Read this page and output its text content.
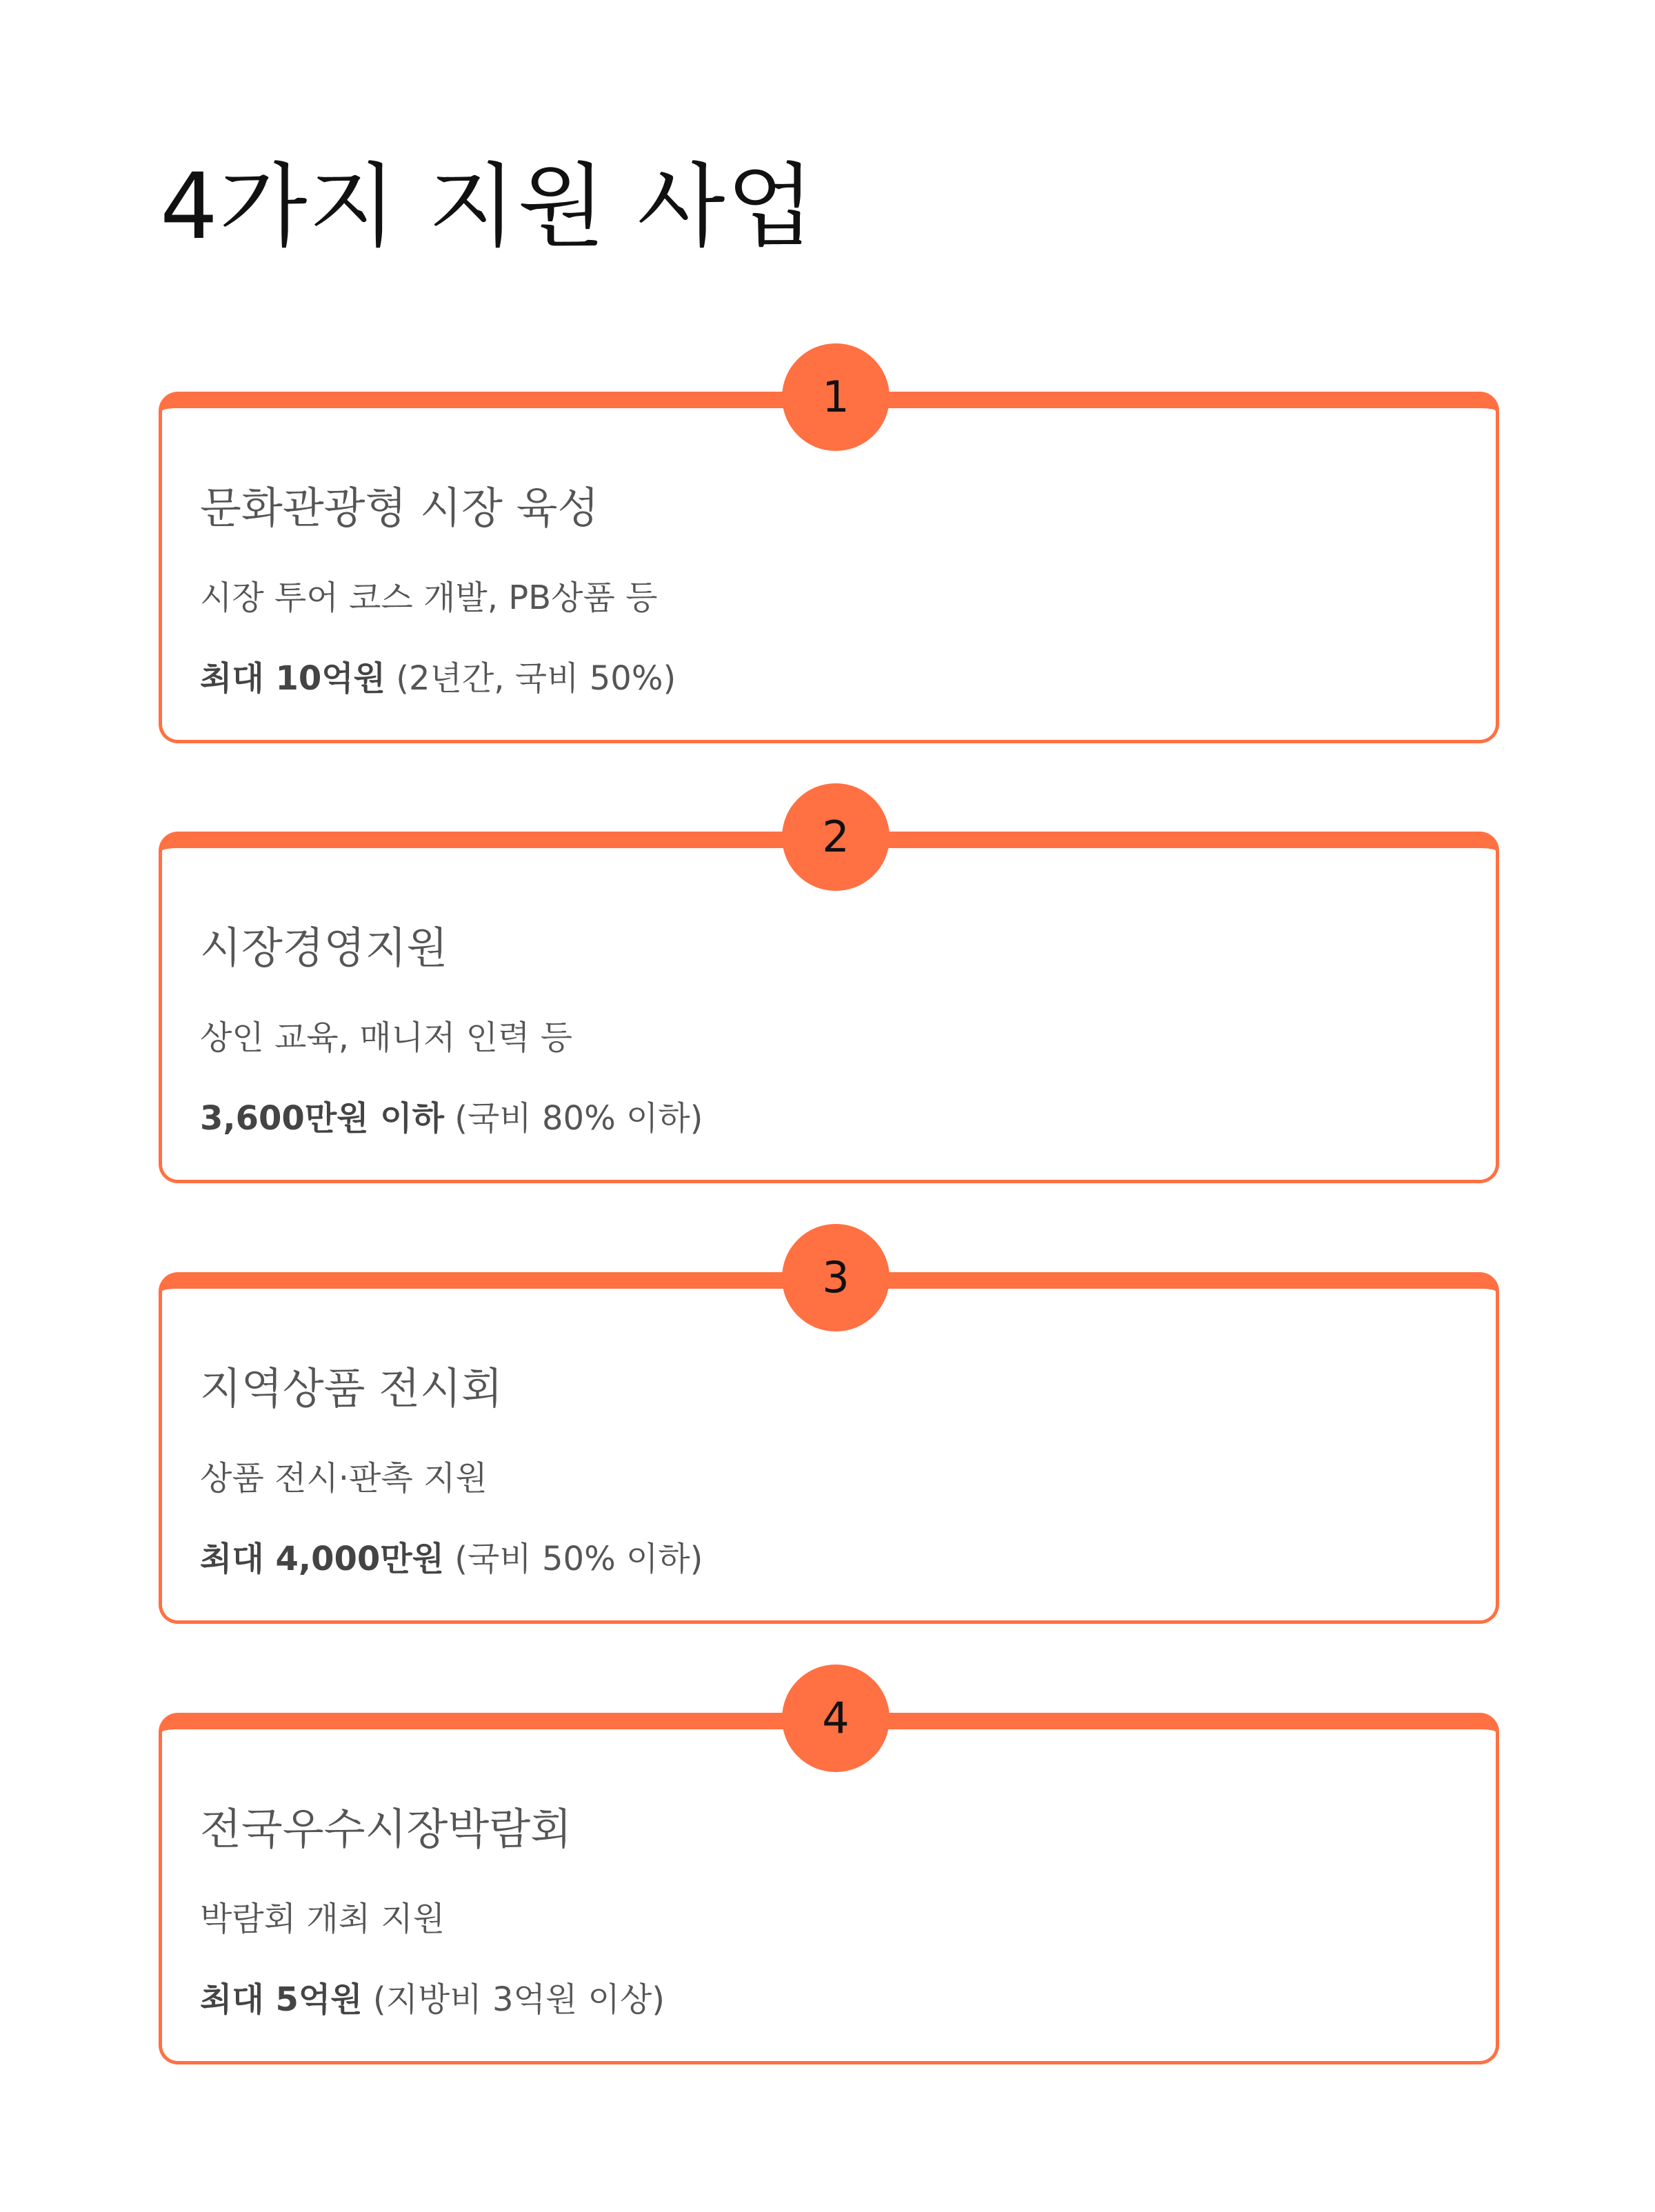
4가지 지원 사업

문화관광형 시장 육성

시장 투어 코스 개발, PB상품 등

최대 10억원 (2년간, 국비 50%)

1

시장경영지원

상인 교육, 매니저 인력 등

3,600만원 이하 (국비 80% 이하)

2

지역상품 전시회

상품 전시·판촉 지원

최대 4,000만원 (국비 50% 이하)

3

전국우수시장박람회

박람회 개최 지원

최대 5억원 (지방비 3억원 이상)

4
